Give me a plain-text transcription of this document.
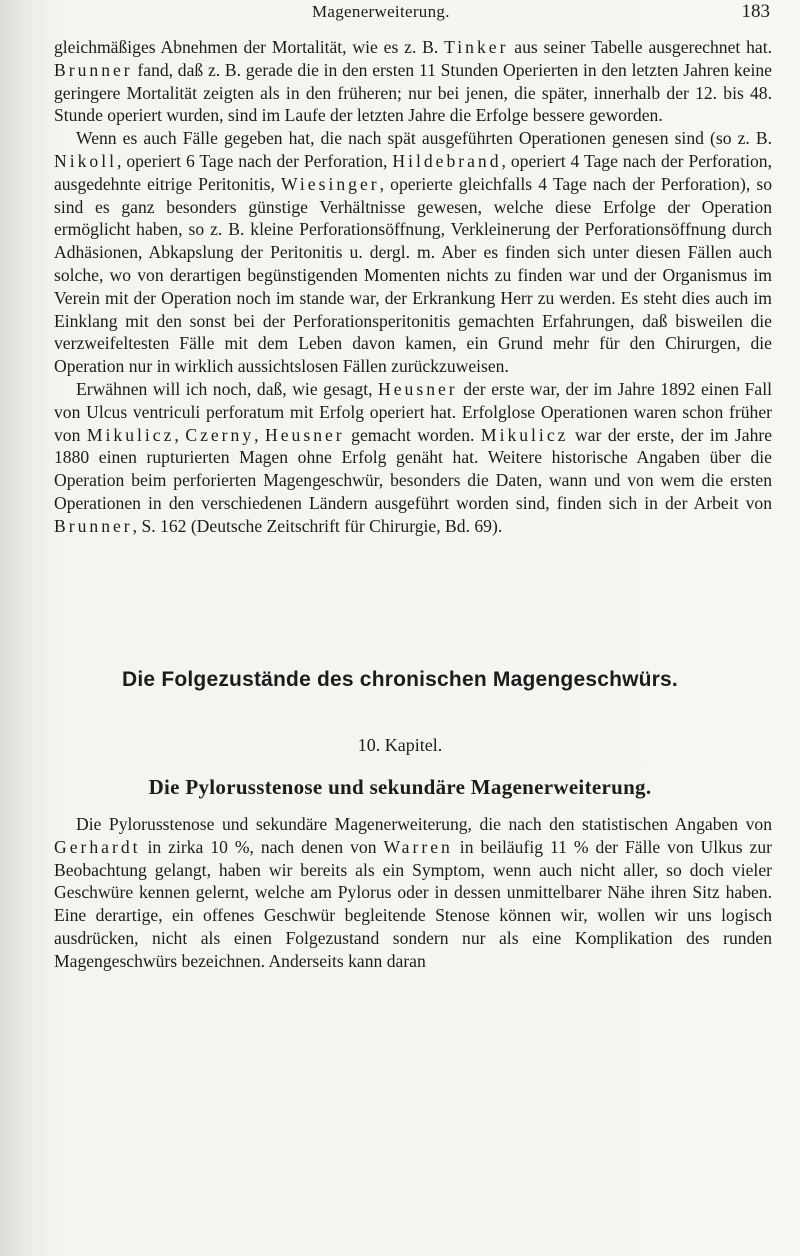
Magenerweiterung.	183

gleichmäßiges Abnehmen der Mortalität, wie es z. B. Tinker aus seiner Tabelle ausgerechnet hat. Brunner fand, daß z. B. gerade die in den ersten 11 Stunden Operierten in den letzten Jahren keine geringere Mortalität zeigten als in den früheren; nur bei jenen, die später, innerhalb der 12. bis 48. Stunde operiert wurden, sind im Laufe der letzten Jahre die Erfolge bessere geworden.

Wenn es auch Fälle gegeben hat, die nach spät ausgeführten Operationen genesen sind (so z. B. Nikoll, operiert 6 Tage nach der Perforation, Hildebrand, operiert 4 Tage nach der Perforation, ausgedehnte eitrige Peritonitis, Wiesinger, operierte gleichfalls 4 Tage nach der Perforation), so sind es ganz besonders günstige Verhältnisse gewesen, welche diese Erfolge der Operation ermöglicht haben, so z. B. kleine Perforationsöffnung, Verkleinerung der Perforationsöffnung durch Adhäsionen, Abkapslung der Peritonitis u. dergl. m. Aber es finden sich unter diesen Fällen auch solche, wo von derartigen begünstigenden Momenten nichts zu finden war und der Organismus im Verein mit der Operation noch im stande war, der Erkrankung Herr zu werden. Es steht dies auch im Einklang mit den sonst bei der Perforationsperitonitis gemachten Erfahrungen, daß bisweilen die verzweifeltesten Fälle mit dem Leben davon kamen, ein Grund mehr für den Chirurgen, die Operation nur in wirklich aussichtslosen Fällen zurückzuweisen.

Erwähnen will ich noch, daß, wie gesagt, Heusner der erste war, der im Jahre 1892 einen Fall von Ulcus ventriculi perforatum mit Erfolg operiert hat. Erfolglose Operationen waren schon früher von Mikulicz, Czerny, Heusner gemacht worden. Mikulicz war der erste, der im Jahre 1880 einen rupturierten Magen ohne Erfolg genäht hat. Weitere historische Angaben über die Operation beim perforierten Magengeschwür, besonders die Daten, wann und von wem die ersten Operationen in den verschiedenen Ländern ausgeführt worden sind, finden sich in der Arbeit von Brunner, S. 162 (Deutsche Zeitschrift für Chirurgie, Bd. 69).

Die Folgezustände des chronischen Magengeschwürs.
10. Kapitel.
Die Pylorusstenose und sekundäre Magenerweiterung.

Die Pylorusstenose und sekundäre Magenerweiterung, die nach den statistischen Angaben von Gerhardt in zirka 10 %, nach denen von Warren in beiläufig 11 % der Fälle von Ulkus zur Beobachtung gelangt, haben wir bereits als ein Symptom, wenn auch nicht aller, so doch vieler Geschwüre kennen gelernt, welche am Pylorus oder in dessen unmittelbarer Nähe ihren Sitz haben. Eine derartige, ein offenes Geschwür begleitende Stenose können wir, wollen wir uns logisch ausdrücken, nicht als einen Folgezustand sondern nur als eine Komplikation des runden Magengeschwürs bezeichnen. Anderseits kann daran
